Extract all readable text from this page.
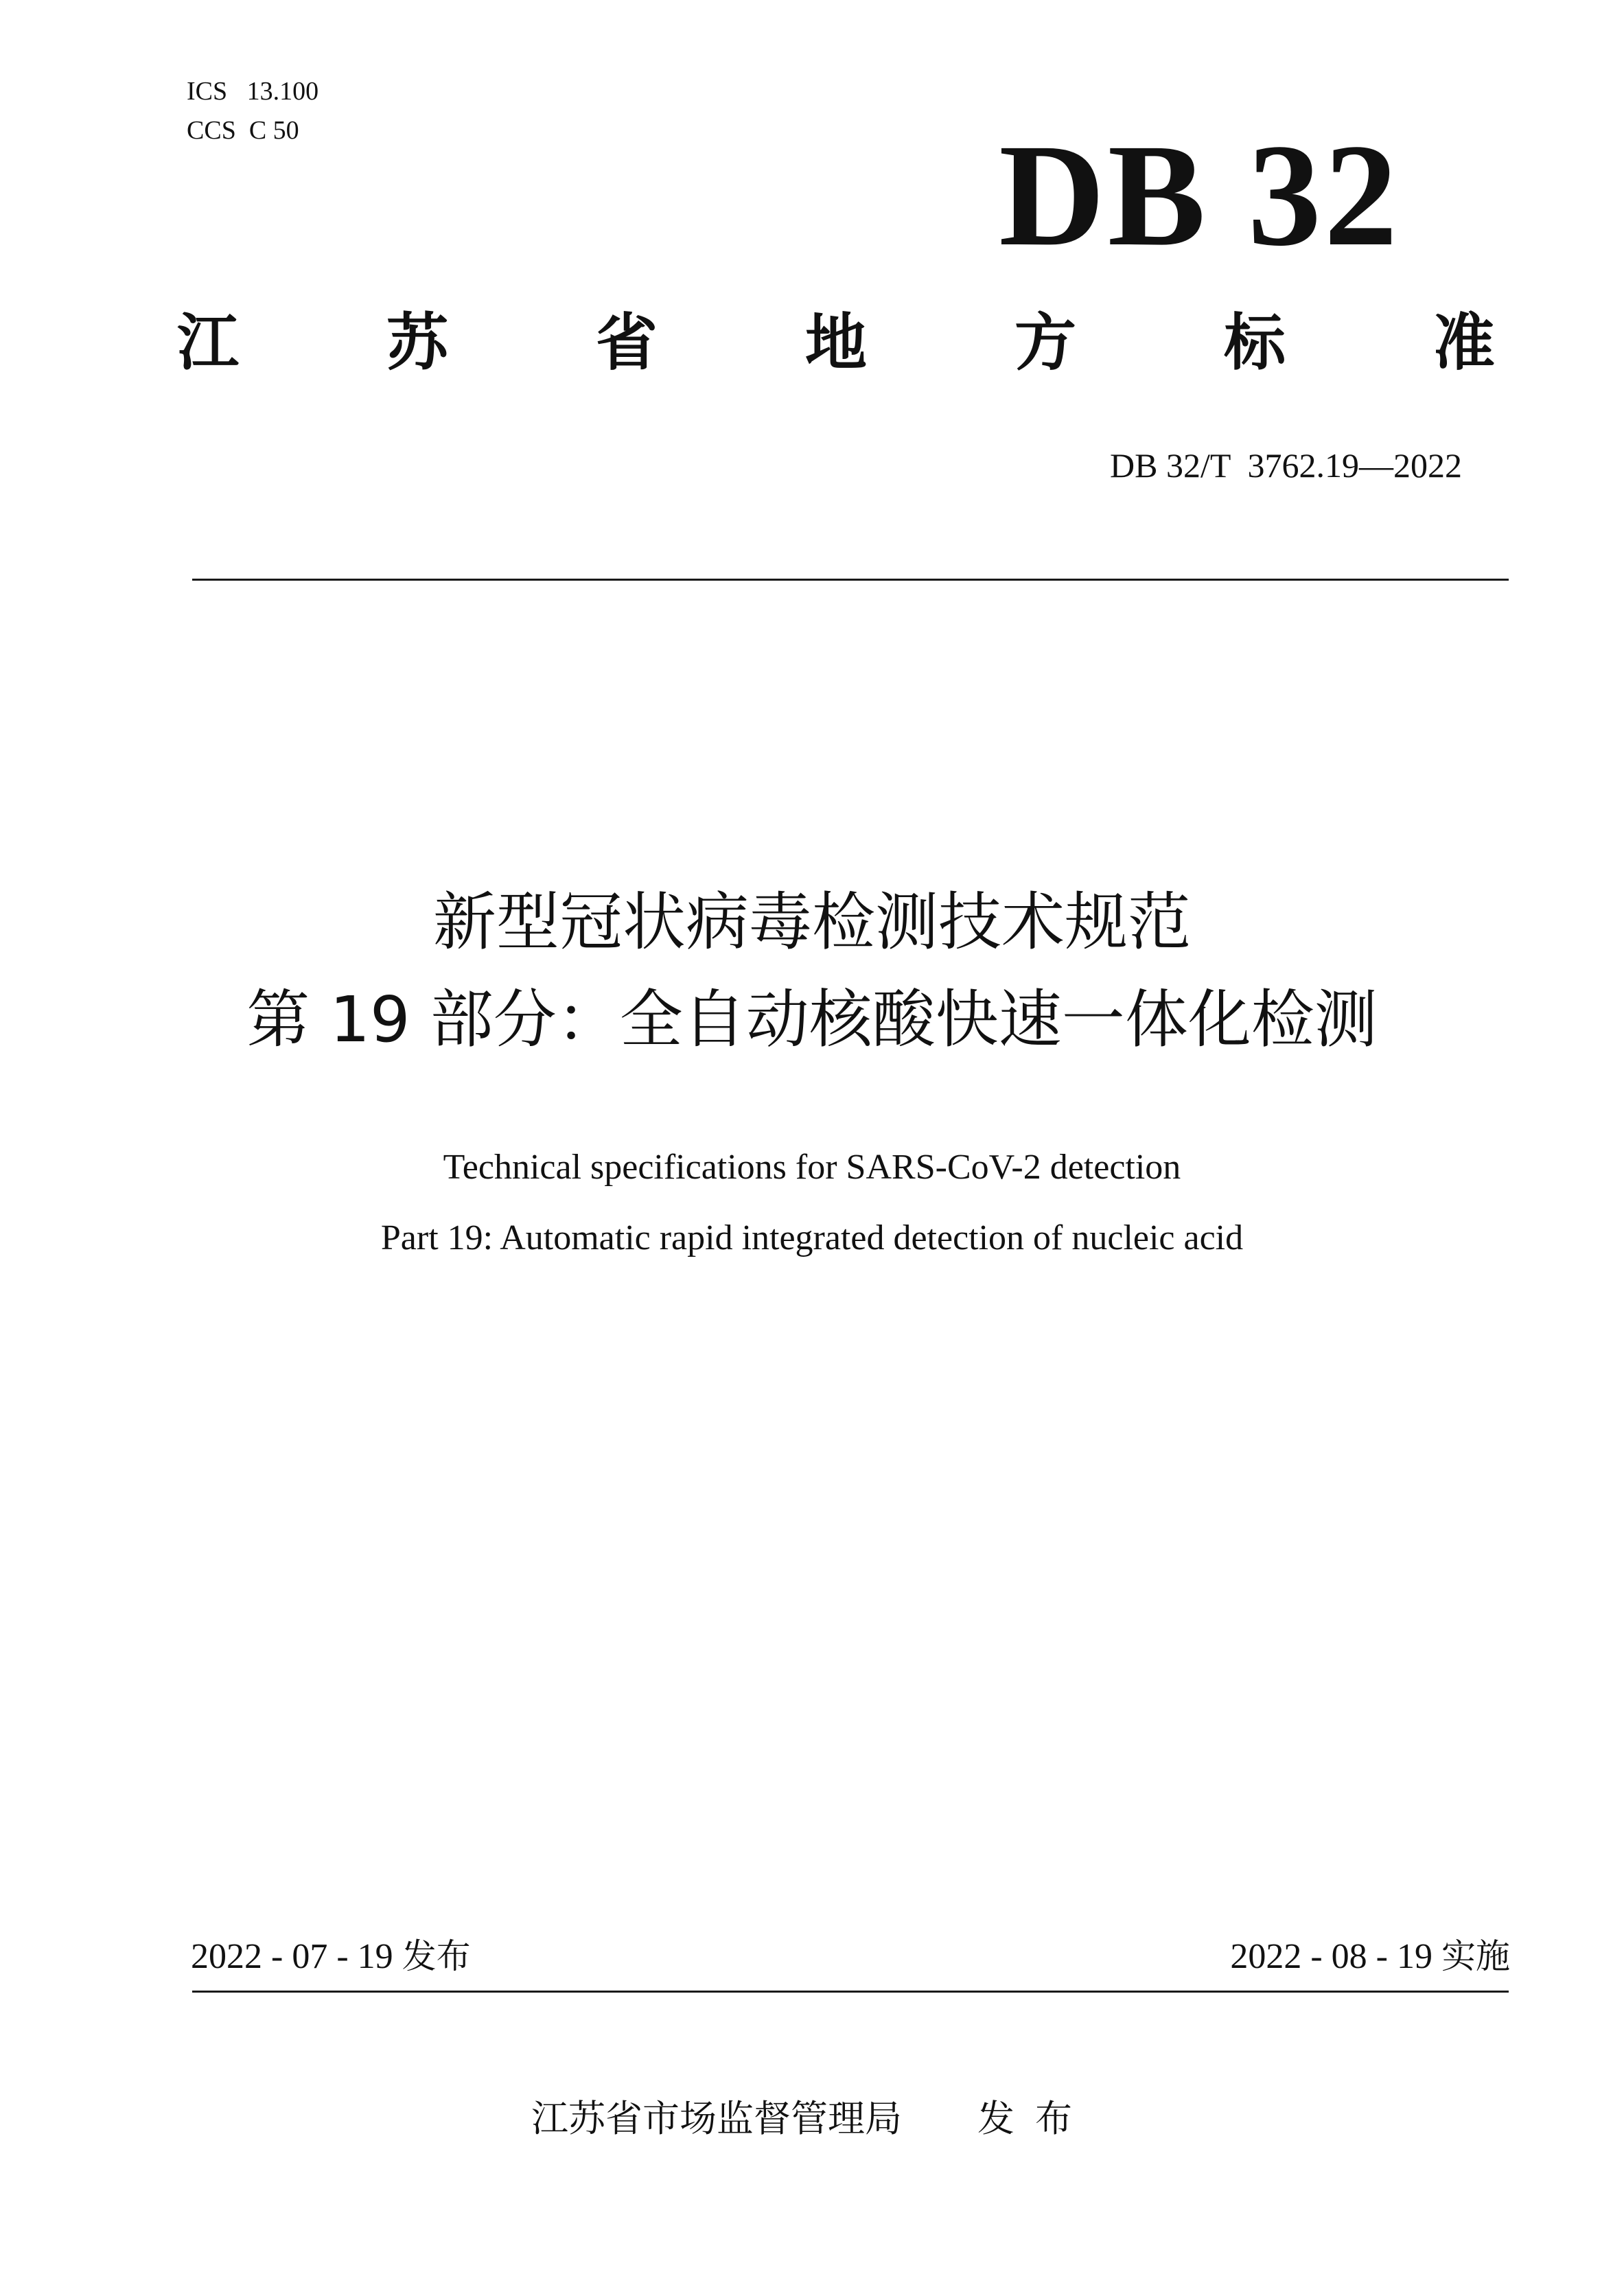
ICS   13.100
CCS  C 50	DB 32
江 苏 省 地 方 标 准
DB 32/T  3762.19—2022
新型冠状病毒检测技术规范
第 19 部分：全自动核酸快速一体化检测
Technical specifications for SARS-CoV-2 detection
Part 19: Automatic rapid integrated detection of nucleic acid
2022 - 07 - 19 发布	2022 - 08 - 19 实施
江苏省市场监督管理局 发布
